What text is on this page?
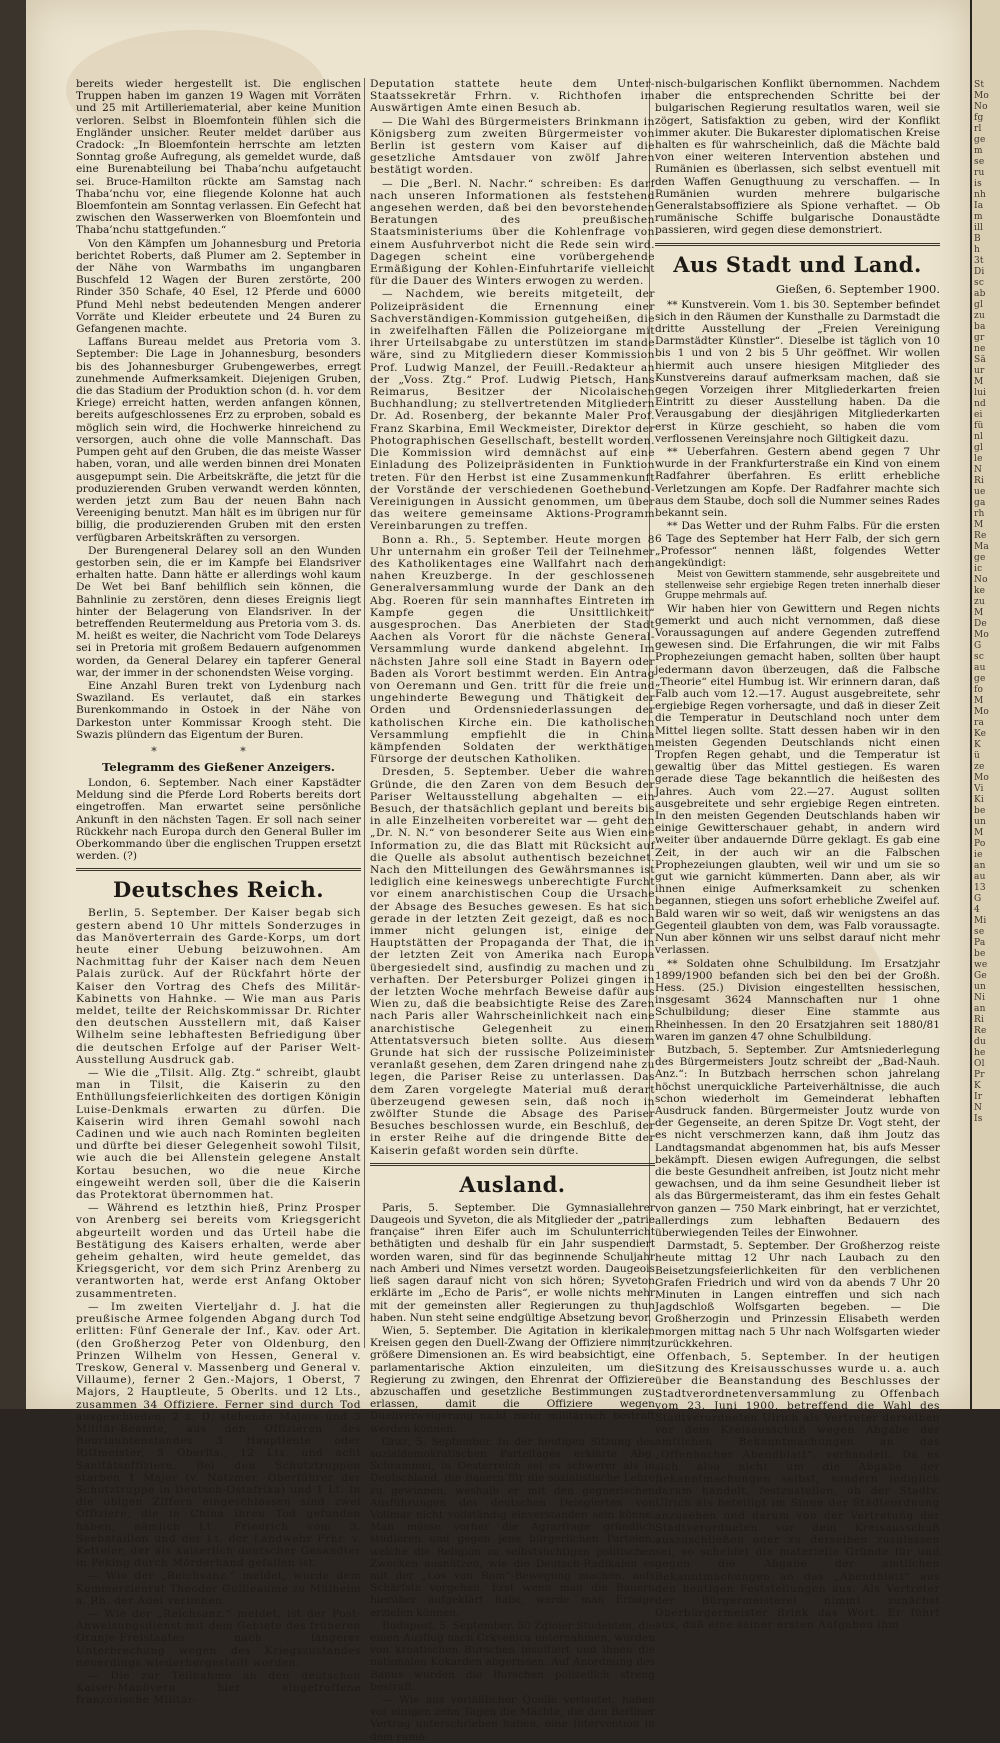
bereits wieder hergestellt ist. Die englischen Truppen haben im ganzen 19 Wagen mit Vorräten und 25 mit Artilleriematerial, aber keine Munition verloren. Selbst in Bloemfontein fühlen sich die Engländer unsicher. Reuter meldet darüber aus Cradock: „In Bloemfontein herrschte am letzten Sonntag große Aufregung, als gemeldet wurde, daß eine Burenabteilung bei Thaba’nchu aufgetaucht sei. Bruce-Hamilton rückte am Samstag nach Thaba’nchu vor, eine fliegende Kolonne hat auch Bloemfontein am Sonntag verlassen. Ein Gefecht hat zwischen den Wasserwerken von Bloemfontein und Thaba’nchu stattgefunden.“

Von den Kämpfen um Johannesburg und Pretoria berichtet Roberts, daß Plumer am 2. September in der Nähe von Warmbaths im ungangbaren Buschfeld 12 Wagen der Buren zerstörte, 200 Rinder 350 Schafe, 40 Esel, 12 Pferde und 6000 Pfund Mehl nebst bedeutenden Mengen anderer Vorräte und Kleider erbeutete und 24 Buren zu Gefangenen machte.

Laffans Bureau meldet aus Pretoria vom 3. September: Die Lage in Johannesburg, besonders bis des Johannesburger Grubengewerbes, erregt zunehmende Aufmerksamkeit. Diejenigen Gruben, die das Stadium der Produktion schon (d. h. vor dem Kriege) erreicht hatten, werden anfangen können, bereits aufgeschlossenes Erz zu erproben, sobald es möglich sein wird, die Hochwerke hinreichend zu versorgen, auch ohne die volle Mannschaft. Das Pumpen geht auf den Gruben, die das meiste Wasser haben, voran, und alle werden binnen drei Monaten ausgepumpt sein. Die Arbeitskräfte, die jetzt für die produzierenden Gruben verwandt werden könnten, werden jetzt zum Bau der neuen Bahn nach Vereeniging benutzt. Man hält es im übrigen nur für billig, die produzierenden Gruben mit den ersten verfügbaren Arbeitskräften zu versorgen.

Der Burengeneral Delarey soll an den Wunden gestorben sein, die er im Kampfe bei Elandsriver erhalten hatte. Dann hätte er allerdings wohl kaum De Wet bei Banf behilflich sein können, die Bahnlinie zu zerstören, denn dieses Ereignis liegt hinter der Belagerung von Elandsriver. In der betreffenden Reutermeldung aus Pretoria vom 3. ds. M. heißt es weiter, die Nachricht vom Tode Delareys sei in Pretoria mit großem Bedauern aufgenommen worden, da General Delarey ein tapferer General war, der immer in der schonendsten Weise vorging.

Eine Anzahl Buren trekt von Lydenburg nach Swaziland. Es verlautet, daß ein starkes Burenkommando in Ostoek in der Nähe von Darkeston unter Kommissar Kroogh steht. Die Swazis plündern das Eigentum der Buren.

* *
Telegramm des Gießener Anzeigers.

London, 6. September. Nach einer Kapstädter Meldung sind die Pferde Lord Roberts bereits dort eingetroffen. Man erwartet seine persönliche Ankunft in den nächsten Tagen. Er soll nach seiner Rückkehr nach Europa durch den General Buller im Oberkommando über die englischen Truppen ersetzt werden. (?)

Deutsches Reich.

Berlin, 5. September. Der Kaiser begab sich gestern abend 10 Uhr mittels Sonderzuges in das Manöverterrain des Garde-Korps, um dort heute einer Uebung beizuwohnen. Am Nachmittag fuhr der Kaiser nach dem Neuen Palais zurück. Auf der Rückfahrt hörte der Kaiser den Vortrag des Chefs des Militär-Kabinetts von Hahnke. — Wie man aus Paris meldet, teilte der Reichskommissar Dr. Richter den deutschen Ausstellern mit, daß Kaiser Wilhelm seine lebhaftesten Befriedigung über die deutschen Erfolge auf der Pariser Welt-Ausstellung Ausdruck gab.

— Wie die „Tilsit. Allg. Ztg.“ schreibt, glaubt man in Tilsit, die Kaiserin zu den Enthüllungsfeierlichkeiten des dortigen Königin Luise-Denkmals erwarten zu dürfen. Die Kaiserin wird ihren Gemahl sowohl nach Cadinen und wie auch nach Rominten begleiten und dürfte bei dieser Gelegenheit sowohl Tilsit, wie auch die bei Allenstein gelegene Anstalt Kortau besuchen, wo die neue Kirche eingeweiht werden soll, über die die Kaiserin das Protektorat übernommen hat.

— Während es letzthin hieß, Prinz Prosper von Arenberg sei bereits vom Kriegsgericht abgeurteilt worden und das Urteil habe die Bestätigung des Kaisers erhalten, werde aber geheim gehalten, wird heute gemeldet, das Kriegsgericht, vor dem sich Prinz Arenberg zu verantworten hat, werde erst Anfang Oktober zusammentreten.

— Im zweiten Vierteljahr d. J. hat die preußische Armee folgenden Abgang durch Tod erlitten: Fünf Generale der Inf., Kav. oder Art. (den Großherzog Peter von Oldenburg, den Prinzen Wilhelm von Hessen, General v. Treskow, General v. Massenberg und General v. Villaume), ferner 2 Gen.-Majors, 1 Oberst, 7 Majors, 2 Hauptleute, 5 Oberlts. und 12 Lts., zusammen 34 Offiziere. Ferner sind durch Tod ausgeschieden: 2 z. D. stehende Majors und 3 Militär-Beamte, aus den Offizieren des Beurlaubtenstandes 3 Hauptleute oder Rittmeister, 5 Oberlts., 12 Lts. und acht Sanitätsoffiziere. Bei den Schutztruppen starben 1 Major (v. Natzmer, Oberführer der Schutztruppe in Deutsch-Ostafrika) und 1 Lt. In die obigen Ziffern eingeschlossen sind zwei Offiziere, die in China ihren Tod gefunden haben, nämlich Lt. Friedrich vom 3. Seebataillon und der Lt. der Landwehr Frhr. v. Ketteler, der als kaiserlich deutscher Gesandter in Peking durch Mörderhand gefallen ist.

— Wie der „Reichsanz.“ meldet, wurde dem Kommerzienrat Theodor Guilleaume zu Mülheim a. Rh. der Adel verliehen.

— Wie der „Reichsanz.“ meldet, ist der Post-Anweisungsdienst mit dem Gebiete des früheren Oranje-Freistaates nach längerer Unterbrechung wegen des Kriegszustandes neuerdings wiederhergestellt worden.

— Die zur Teilnahme an den deutschen Kaiser-Manövern hier eingetroffene französische Militär-

Deputation stattete heute dem Unter-Staatssekretär Frhrn. v. Richthofen im Auswärtigen Amte einen Besuch ab.

— Die Wahl des Bürgermeisters Brinkmann in Königsberg zum zweiten Bürgermeister von Berlin ist gestern vom Kaiser auf die gesetzliche Amtsdauer von zwölf Jahren bestätigt worden.

— Die „Berl. N. Nachr.“ schreiben: Es darf nach unseren Informationen als feststehend angesehen werden, daß bei den bevorstehenden Beratungen des preußischen Staatsministeriums über die Kohlenfrage von einem Ausfuhrverbot nicht die Rede sein wird. Dagegen scheint eine vorübergehende Ermäßigung der Kohlen-Einfuhrtarife vielleicht für die Dauer des Winters erwogen zu werden.

— Nachdem, wie bereits mitgeteilt, der Polizeipräsident die Ernennung einer Sachverständigen-Kommission gutgeheißen, die in zweifelhaften Fällen die Polizeiorgane mit ihrer Urteilsabgabe zu unterstützen im stande wäre, sind zu Mitgliedern dieser Kommission Prof. Ludwig Manzel, der Feuill.-Redakteur an der „Voss. Ztg.“ Prof. Ludwig Pietsch, Hans Reimarus, Besitzer der Nicolaischen Buchhandlung; zu stellvertretenden Mitgliedern Dr. Ad. Rosenberg, der bekannte Maler Prof. Franz Skarbina, Emil Weckmeister, Direktor der Photographischen Gesellschaft, bestellt worden. Die Kommission wird demnächst auf eine Einladung des Polizeipräsidenten in Funktion treten. Für den Herbst ist eine Zusammenkunft der Vorstände der verschiedenen Goethebund-Vereinigungen in Aussicht genommen, um über das weitere gemeinsame Aktions-Programm Vereinbarungen zu treffen.

Bonn a. Rh., 5. September. Heute morgen 8 Uhr unternahm ein großer Teil der Teilnehmer des Katholikentages eine Wallfahrt nach dem nahen Kreuzberge. In der geschlossenen Generalversammlung wurde der Dank an den Abg. Roeren für sein mannhaftes Eintreten im Kampfe gegen die Unsittlichkeit“ ausgesprochen. Das Anerbieten der Stadt Aachen als Vorort für die nächste General-Versammlung wurde dankend abgelehnt. Im nächsten Jahre soll eine Stadt in Bayern oder Baden als Vorort bestimmt werden. Ein Antrag von Oeremann und Gen. tritt für die freie und ungehinderte Bewegung und Thätigkeit der Orden und Ordensniederlassungen der katholischen Kirche ein. Die katholischen Versammlung empfiehlt die in China kämpfenden Soldaten der werkthätigen Fürsorge der deutschen Katholiken.

Dresden, 5. September. Ueber die wahren Gründe, die den Zaren von dem Besuch der Pariser Weltausstellung abgehalten — ein Besuch, der thatsächlich geplant und bereits bis in alle Einzelheiten vorbereitet war — geht den „Dr. N. N.“ von besonderer Seite aus Wien eine Information zu, die das Blatt mit Rücksicht auf die Quelle als absolut authentisch bezeichnet. Nach den Mitteilungen des Gewährsmannes ist lediglich eine keineswegs unberechtigte Furcht vor einem anarchistischen Coup die Ursache der Absage des Besuches gewesen. Es hat sich gerade in der letzten Zeit gezeigt, daß es noch immer nicht gelungen ist, einige der Hauptstätten der Propaganda der That, die in der letzten Zeit von Amerika nach Europa übergesiedelt sind, ausfindig zu machen und zu verhaften. Der Petersburger Polizei gingen in der letzten Woche mehrfach Beweise dafür aus Wien zu, daß die beabsichtigte Reise des Zaren nach Paris aller Wahrscheinlichkeit nach eine anarchistische Gelegenheit zu einem Attentatsversuch bieten sollte. Aus diesem Grunde hat sich der russische Polizeiminister veranlaßt gesehen, dem Zaren dringend nahe zu legen, die Pariser Reise zu unterlassen. Das dem Zaren vorgelegte Material muß derart überzeugend gewesen sein, daß noch in zwölfter Stunde die Absage des Pariser Besuches beschlossen wurde, ein Beschluß, der in erster Reihe auf die dringende Bitte der Kaiserin gefaßt worden sein dürfte.

Ausland.

Paris, 5. September. Die Gymnasiallehrer Daugeois und Syveton, die als Mitglieder der „patrie française“ ihren Eifer auch im Schulunterricht bethätigten und deshalb für ein Jahr suspendiert worden waren, sind für das beginnende Schuljahr nach Amberi und Nimes versetzt worden. Daugeois ließ sagen darauf nicht von sich hören; Syveton erklärte im „Echo de Paris“, er wolle nichts mehr mit der gemeinsten aller Regierungen zu thun haben. Nun steht seine endgültige Absetzung bevor.

Wien, 5. September. Die Agitation in klerikalen Kreisen gegen den Duell-Zwang der Offiziere nimmt größere Dimensionen an. Es wird beabsichtigt, eine parlamentarische Aktion einzuleiten, um die Regierung zu zwingen, den Ehrenrat der Offiziere abzuschaffen und gesetzliche Bestimmungen zu erlassen, damit die Offiziere wegen Duellverweigerung nicht mehr militärisch bestraft werden können.

Graz, 5. September. In der heutigen Sitzung des sozialdemokratischen Parteitages erklärte Abg. Schrammel, in Oesterreich sei es schwerer als in Deutschland, die Bauern für die sozialistische Lehre zu gewinnen, weshalb er mit den gegnerischen Ausführungen des deutschen Delegierten von Vollmar nicht vollständig einverstanden sein könne. Man müsse vorher die Agrarfrage gründlich studieren und gegen jene bürgerlichen Parteien, welche die Religion zu selbstsüchtigen politischen Zwecken ausnützen, wie die Deutsch-Radikalen es mit der „Los von Rom“-Bewegung machen, aufs Schärfste vorgehen. Erst wenn man die Bauern hierüber aufgeklärt habe, werde man Erfolge erzielen können.

Budapest, 5. September. 50 Zgloier Studenten, die einen Ausflug nach Crkvenica unternahmen, wurden von kroatischen Burschen insultiert und ihnen die nationalen Kokarden abgerissen. Auf Anordnung des Banus wurden die Burschen polizeilich streng bestraft.

— Wie aus verläßlicher Quelle verlautet, haben vor einigen zehn Tagen die Mächte, die den Berliner Vertrag unterschrieben haben, eine Intervention in dem rumä-

nisch-bulgarischen Konflikt übernommen. Nachdem aber die entsprechenden Schritte bei der bulgarischen Regierung resultatlos waren, weil sie zögert, Satisfaktion zu geben, wird der Konflikt immer akuter. Die Bukarester diplomatischen Kreise halten es für wahrscheinlich, daß die Mächte bald von einer weiteren Intervention abstehen und Rumänien es überlassen, sich selbst eventuell mit den Waffen Genugthuung zu verschaffen. — In Rumänien wurden mehrere bulgarische Generalstabsoffiziere als Spione verhaftet. — Ob rumänische Schiffe bulgarische Donaustädte passieren, wird gegen diese demonstriert.

Aus Stadt und Land.
Gießen, 6. September 1900.

** Kunstverein. Vom 1. bis 30. September befindet sich in den Räumen der Kunsthalle zu Darmstadt die dritte Ausstellung der „Freien Vereinigung Darmstädter Künstler“. Dieselbe ist täglich von 10 bis 1 und von 2 bis 5 Uhr geöffnet. Wir wollen hiermit auch unsere hiesigen Mitglieder des Kunstvereins darauf aufmerksam machen, daß sie gegen Vorzeigen ihrer Mitgliederkarten freien Eintritt zu dieser Ausstellung haben. Da die Verausgabung der diesjährigen Mitgliederkarten erst in Kürze geschieht, so haben die vom verflossenen Vereinsjahre noch Giltigkeit dazu.

** Ueberfahren. Gestern abend gegen 7 Uhr wurde in der Frankfurterstraße ein Kind von einem Radfahrer überfahren. Es erlitt erhebliche Verletzungen am Kopfe. Der Radfahrer machte sich aus dem Staube, doch soll die Nummer seines Rades bekannt sein.

** Das Wetter und der Ruhm Falbs. Für die ersten 6 Tage des September hat Herr Falb, der sich gern „Professor“ nennen läßt, folgendes Wetter angekündigt:

Meist von Gewittern stammende, sehr ausgebreitete und stellenweise sehr ergiebige Regen treten innerhalb dieser Gruppe mehrmals auf.

Wir haben hier von Gewittern und Regen nichts gemerkt und auch nicht vernommen, daß diese Voraussagungen auf andere Gegenden zutreffend gewesen sind. Die Erfahrungen, die wir mit Falbs Prophezeiungen gemacht haben, sollten über haupt jedermann davon überzeugen, daß die Falbsche „Theorie“ eitel Humbug ist. Wir erinnern daran, daß Falb auch vom 12.—17. August ausgebreitete, sehr ergiebige Regen vorhersagte, und daß in dieser Zeit die Temperatur in Deutschland noch unter dem Mittel liegen sollte. Statt dessen haben wir in den meisten Gegenden Deutschlands nicht einen Tropfen Regen gehabt, und die Temperatur ist gewaltig über das Mittel gestiegen. Es waren gerade diese Tage bekanntlich die heißesten des Jahres. Auch vom 22.—27. August sollten ausgebreitete und sehr ergiebige Regen eintreten. In den meisten Gegenden Deutschlands haben wir einige Gewitterschauer gehabt, in andern wird weiter über andauernde Dürre geklagt. Es gab eine Zeit, in der auch wir an die Falbschen Prophezeiungen glaubten, weil wir und um sie so gut wie garnicht kümmerten. Dann aber, als wir ihnen einige Aufmerksamkeit zu schenken begannen, stiegen uns sofort erhebliche Zweifel auf. Bald waren wir so weit, daß wir wenigstens an das Gegenteil glaubten von dem, was Falb voraussagte. Nun aber können wir uns selbst darauf nicht mehr verlassen.

** Soldaten ohne Schulbildung. Im Ersatzjahr 1899/1900 befanden sich bei den bei der Großh. Hess. (25.) Division eingestellten hessischen, insgesamt 3624 Mannschaften nur 1 ohne Schulbildung; dieser Eine stammte aus Rheinhessen. In den 20 Ersatzjahren seit 1880/81 waren im ganzen 47 ohne Schulbildung.

Butzbach, 5. September. Zur Amtsniederlegung des Bürgermeisters Joutz schreibt der „Bad-Nauh. Anz.“: In Butzbach herrschen schon jahrelang höchst unerquickliche Parteiverhältnisse, die auch schon wiederholt im Gemeinderat lebhaften Ausdruck fanden. Bürgermeister Joutz wurde von der Gegenseite, an deren Spitze Dr. Vogt steht, der es nicht verschmerzen kann, daß ihm Joutz das Landtagsmandat abgenommen hat, bis aufs Messer bekämpft. Diesen ewigen Aufregungen, die selbst die beste Gesundheit anfreiben, ist Joutz nicht mehr gewachsen, und da ihm seine Gesundheit lieber ist als das Bürgermeisteramt, das ihm ein festes Gehalt von ganzen — 750 Mark einbringt, hat er verzichtet, allerdings zum lebhaften Bedauern des überwiegenden Teiles der Einwohner.

Darmstadt, 5. September. Der Großherzog reiste heute mittag 12 Uhr nach Laubach zu den Beisetzungsfeierlichkeiten für den verblichenen Grafen Friedrich und wird von da abends 7 Uhr 20 Minuten in Langen eintreffen und sich nach Jagdschloß Wolfsgarten begeben. — Die Großherzogin und Prinzessin Elisabeth werden morgen mittag nach 5 Uhr nach Wolfsgarten wieder zurückkehren.

Offenbach, 5. September. In der heutigen Sitzung des Kreisausschusses wurde u. a. auch über die Beanstandung des Beschlusses der Stadtverordnetenversammlung zu Offenbach vom 23. Juni 1900, betreffend die Wahl des Stadtverordneten Ulrich als Vertreter derselben vor dem Kreisausschuß wegen Abgabe der amtlichen Bekanntmachungen an das „Offenbacher Abendblatt“, verhandelt. Da es sich also nicht um die Abgabe der Bekanntmachungen selbst, sondern lediglich darum handelt, festzustellen, ob der Stadtv. Ulrich als beteiligt im Sinne der Städteordnung anzusehen und darum von der Vertretung der Stadtverordneten vor dem Kreisausschuß auszuschließen oder zu derselben zuzulassen sei, so scheidet die materielle Gründe für und gegen die Abgabe der amtlichen Bekanntmachungen an das „Abendblatt“ aus den heutigen Feststellungen aus. Als Vertreter der Bürgermeisterei nimmt zunächst Oberbürgermeister Brink das Wort. Er führt aus, daß eine seiner ersten Aufgaben ihm

St

Mo

No

fg

rl

ge

m

se

ru

is

nh

Ia

m

ill

B

h

3t

Di

sc

ab

gl

zu

ba

gr

ne

Sä

ur

M

lui

nd

ei

fü

nl

gl

le

N

Ri

ue

ga

rh

M

Re

Ma

ge

ic

No

ke

zu

M

De

Mo

G

sc

au

ge

fo

M

Mo

ra

Ke

K

ü

ze

Mo

Vi

Ki

be

un

M

Po

ie

an

au

13

G

4

Mi

se

Pa

be

we

Ge

un

Ni

an

Ri

Re

du

he

Ol

Pr

K

Ir

N

Is
